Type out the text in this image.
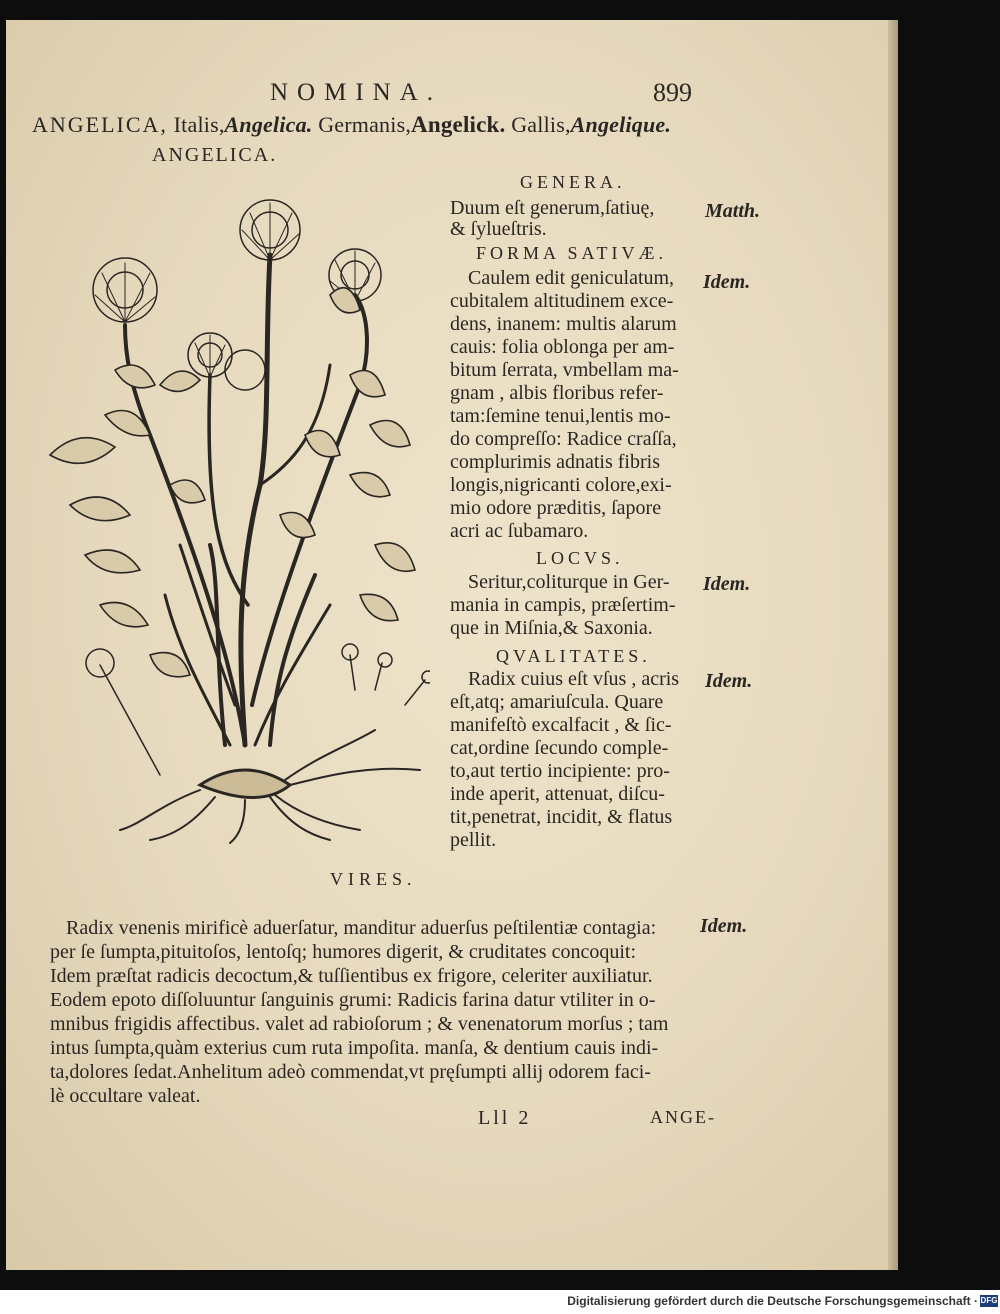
NOMINA.	899
ANGELICA, Italis,Angelica. Germanis,Angelick. Gallis,Angelique.
ANGELICA.
GENERA.
Duum eſt generum,ſatiuę,
& ſylueſtris.
Matth.
FORMA SATIVÆ.
Caulem edit geniculatum,
cubitalem altitudinem exce-
dens, inanem: multis alarum
cauis: folia oblonga per am-
bitum ſerrata, vmbellam ma-
gnam , albis floribus refer-
tam:ſemine tenui,lentis mo-
do compreſſo: Radice craſſa,
complurimis adnatis fibris
longis,nigricanti colore,exi-
mio odore præditis, ſapore
acri ac ſubamaro.
Idem.
LOCVS.
Seritur,coliturque in Ger-
mania in campis, præſertim-
que in Miſnia,& Saxonia.
Idem.
QVALITATES.
Radix cuius eſt vſus , acris
eſt,atq; amariuſcula. Quare
manifeſtò excalfacit , & ſic-
cat,ordine ſecundo comple-
to,aut tertio incipiente: pro-
inde aperit, attenuat, diſcu-
tit,penetrat, incidit, & flatus
pellit.
Idem.
VIRES.
Radix venenis mirificè aduerſatur, manditur aduerſus peſtilentiæ contagia:
per ſe ſumpta,pituitoſos, lentoſq; humores digerit, & cruditates concoquit:
Idem præſtat radicis decoctum,& tuſſientibus ex frigore, celeriter auxiliatur.
Eodem epoto diſſoluuntur ſanguinis grumi: Radicis farina datur vtiliter in o-
mnibus frigidis affectibus. valet ad rabioſorum ; & venenatorum morſus ; tam
intus ſumpta,quàm exterius cum ruta impoſita. manſa, & dentium cauis indi-
ta,dolores ſedat.Anhelitum adeò commendat,vt pręſumpti allij odorem faci-
lè occultare valeat.
Idem.
Lll 2	ANGE-
Digitalisierung gefördert durch die Deutsche Forschungsgemeinschaft · DFG
